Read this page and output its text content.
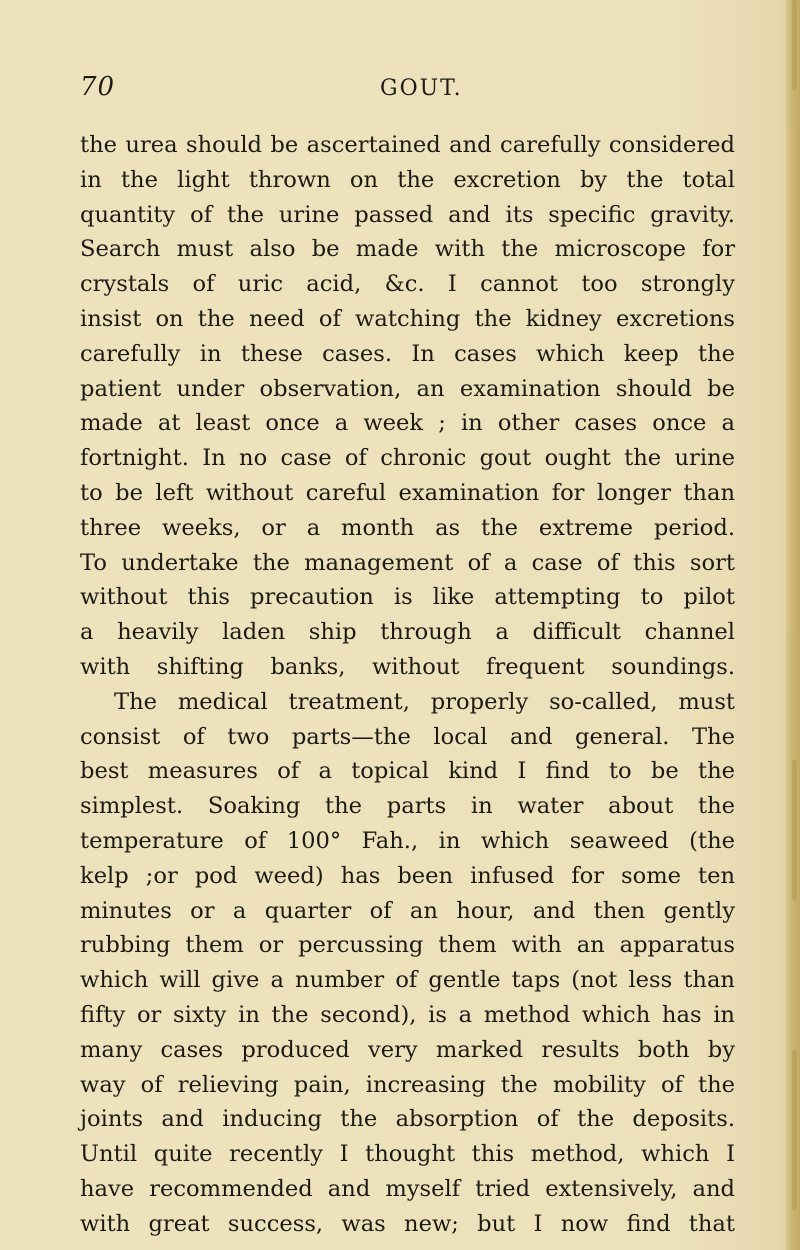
70	GOUT.
the urea should be ascertained and carefully considered
in the light thrown on the excretion by the total
quantity of the urine passed and its specific gravity.
Search must also be made with the microscope for
crystals of uric acid, &c. I cannot too strongly
insist on the need of watching the kidney excretions
carefully in these cases. In cases which keep the
patient under observation, an examination should be
made at least once a week ; in other cases once a
fortnight. In no case of chronic gout ought the urine
to be left without careful examination for longer than
three weeks, or a month as the extreme period.
To undertake the management of a case of this sort
without this precaution is like attempting to pilot
a heavily laden ship through a difficult channel
with shifting banks, without frequent soundings.
The medical treatment, properly so-called, must
consist of two parts—the local and general. The
best measures of a topical kind I find to be the
simplest. Soaking the parts in water about the
temperature of 100° Fah., in which seaweed (the
kelp ;or pod weed) has been infused for some ten
minutes or a quarter of an hour, and then gently
rubbing them or percussing them with an apparatus
which will give a number of gentle taps (not less than
fifty or sixty in the second), is a method which has in
many cases produced very marked results both by
way of relieving pain, increasing the mobility of the
joints and inducing the absorption of the deposits.
Until quite recently I thought this method, which I
have recommended and myself tried extensively, and
with great success, was new; but I now find that
